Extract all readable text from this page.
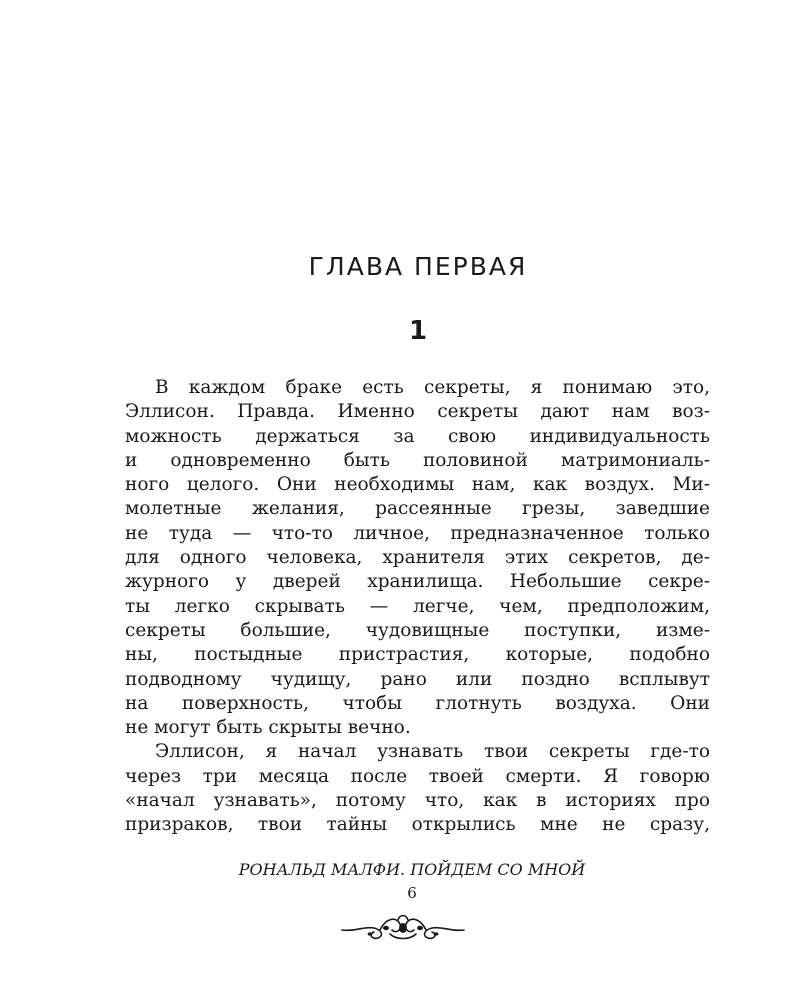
ГЛАВА ПЕРВАЯ
1
В каждом браке есть секреты, я понимаю это,
Эллисон. Правда. Именно секреты дают нам воз-
можность держаться за свою индивидуальность
и одновременно быть половиной матримониаль-
ного целого. Они необходимы нам, как воздух. Ми-
молетные желания, рассеянные грезы, заведшие
не туда — что-то личное, предназначенное только
для одного человека, хранителя этих секретов, де-
журного у дверей хранилища. Небольшие секре-
ты легко скрывать — легче, чем, предположим,
секреты большие, чудовищные поступки, изме-
ны, постыдные пристрастия, которые, подобно
подводному чудищу, рано или поздно всплывут
на поверхность, чтобы глотнуть воздуха. Они
не могут быть скрыты вечно.
Эллисон, я начал узнавать твои секреты где-то
через три месяца после твоей смерти. Я говорю
«начал узнавать», потому что, как в историях про
призраков, твои тайны открылись мне не сразу,
РОНАЛЬД МАЛФИ. ПОЙДЕМ СО МНОЙ
6
